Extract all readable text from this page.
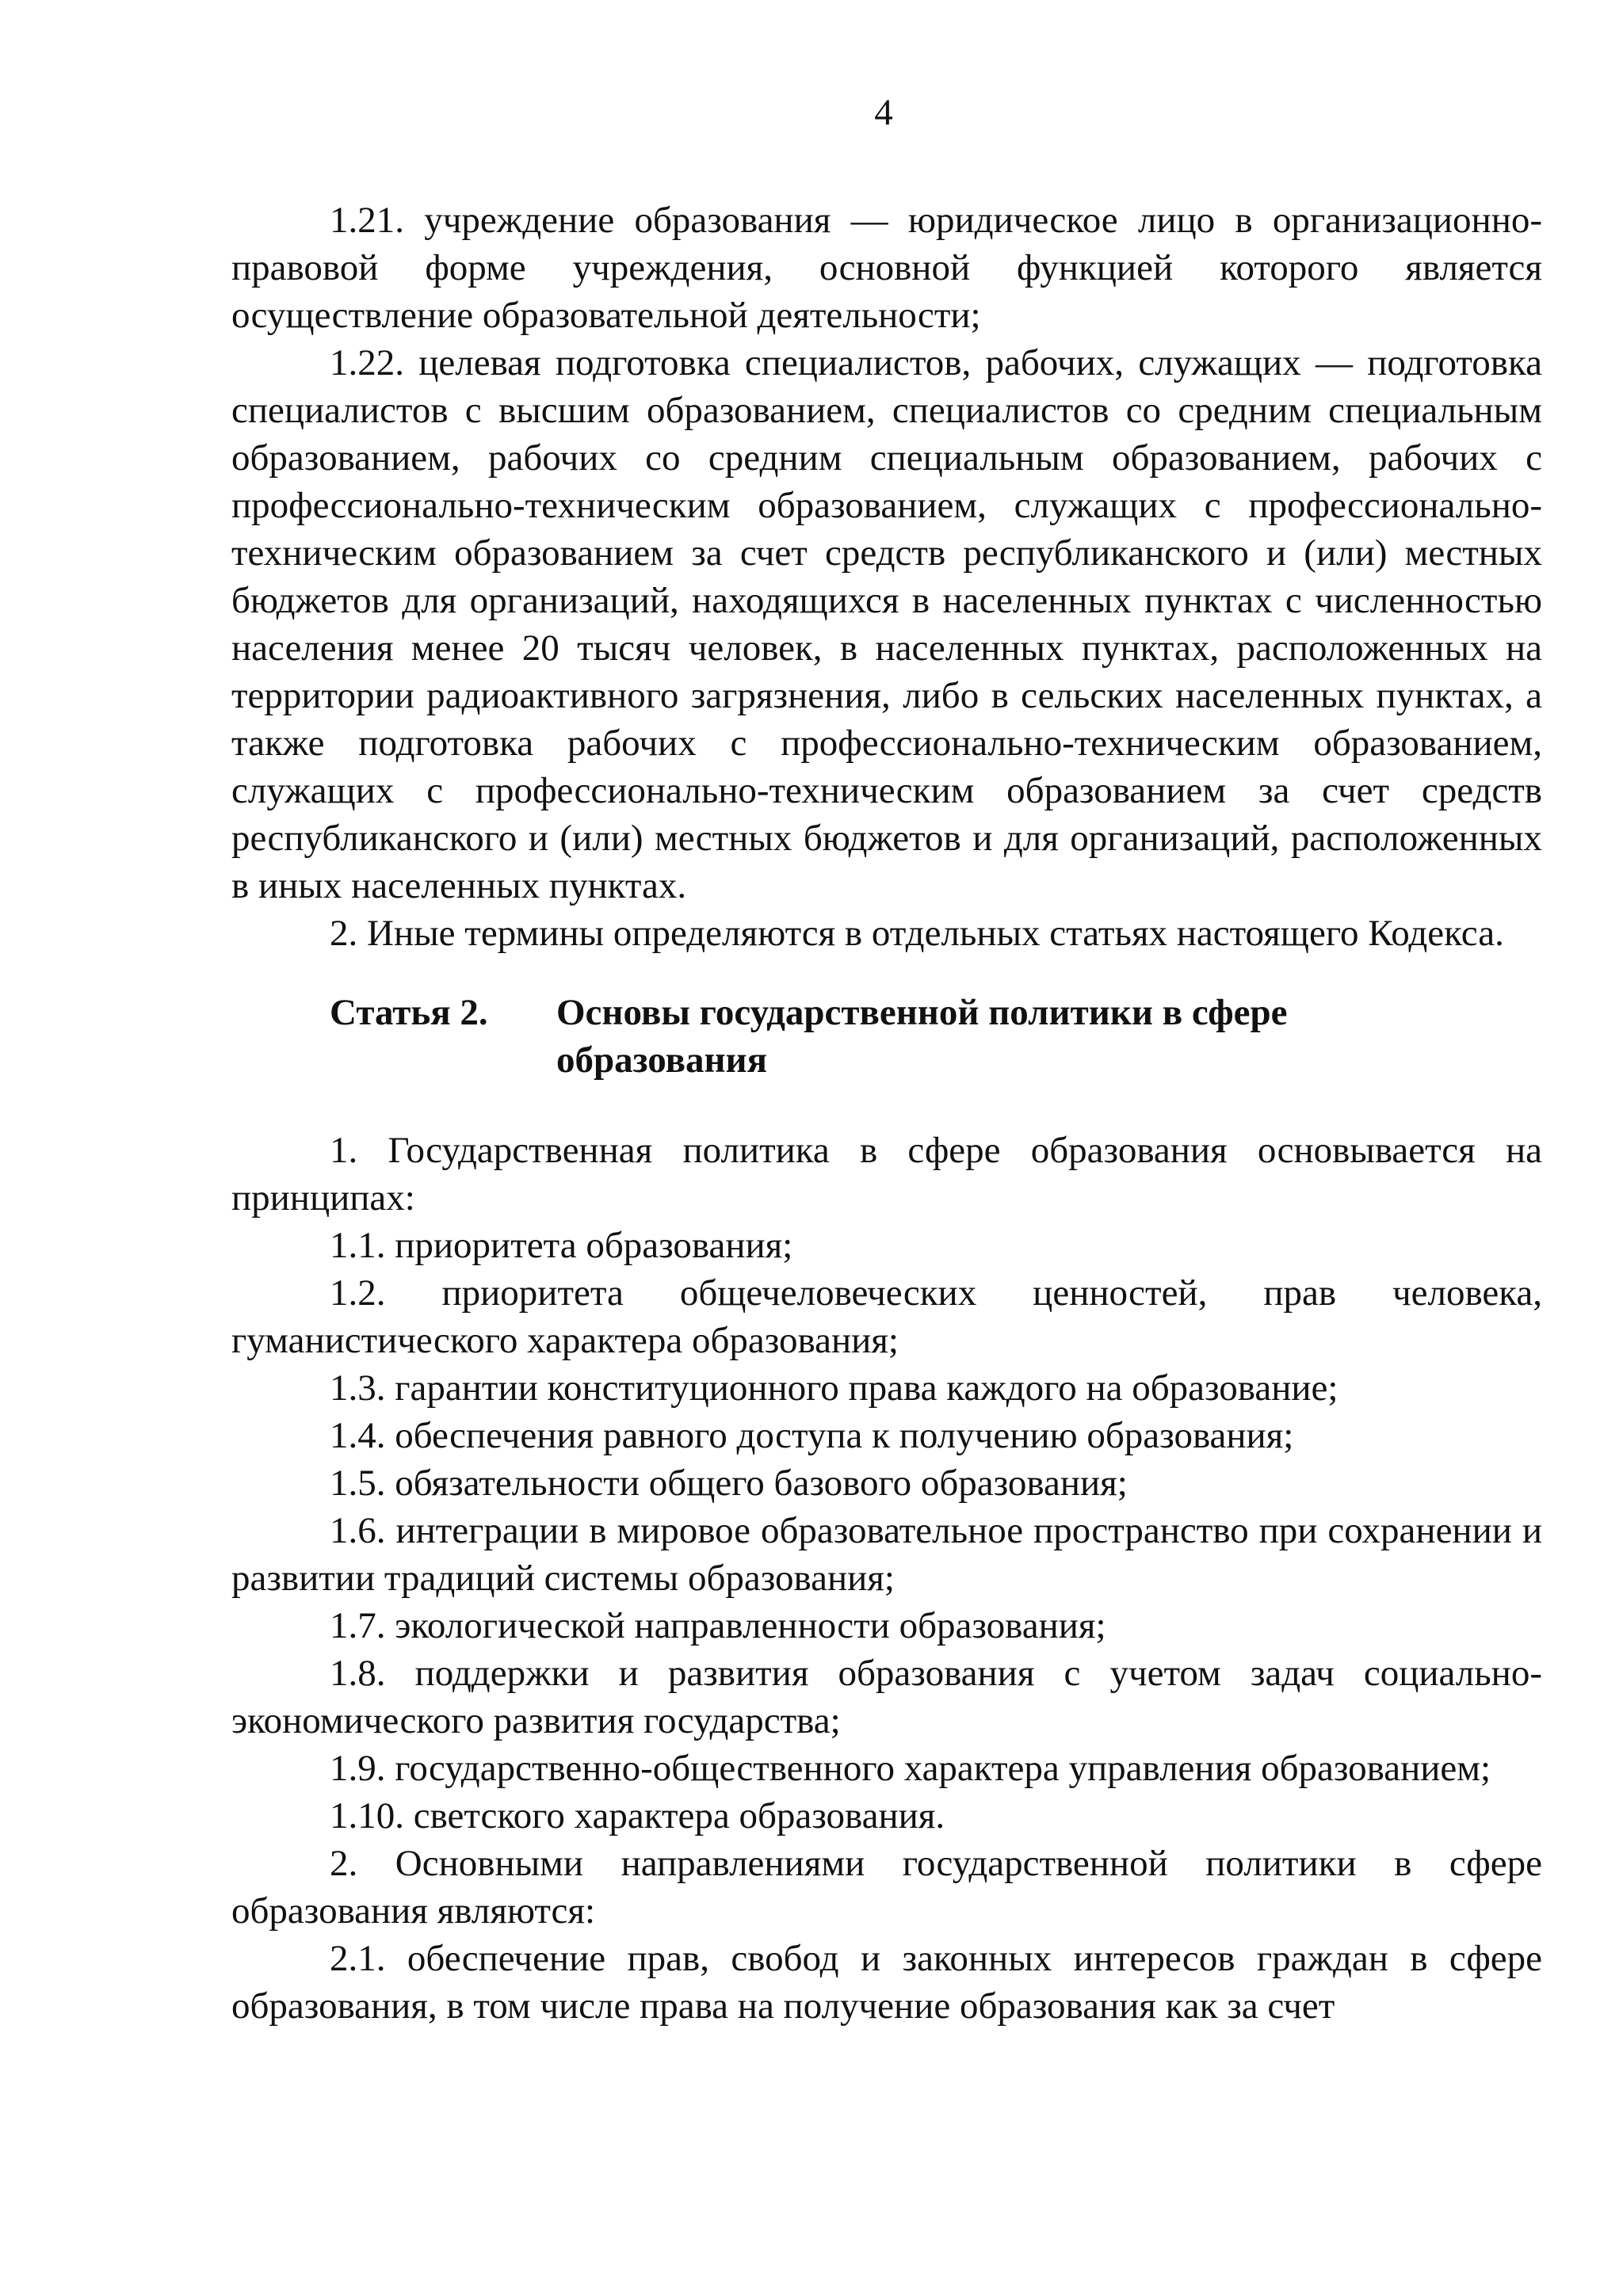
4

1.21. учреждение образования — юридическое лицо в организационно-правовой форме учреждения, основной функцией которого является осуществление образовательной деятельности;

1.22. целевая подготовка специалистов, рабочих, служащих — подготовка специалистов с высшим образованием, специалистов со средним специальным образованием, рабочих со средним специальным образованием, рабочих с профессионально-техническим образованием, служащих с профессионально-техническим образованием за счет средств республиканского и (или) местных бюджетов для организаций, находящихся в населенных пунктах с численностью населения менее 20 тысяч человек, в населенных пунктах, расположенных на территории радиоактивного загрязнения, либо в сельских населенных пунктах, а также подготовка рабочих с профессионально-техническим образованием, служащих с профессионально-техническим образованием за счет средств республиканского и (или) местных бюджетов и для организаций, расположенных в иных населенных пунктах.

2. Иные термины определяются в отдельных статьях настоящего Кодекса.

Статья 2.	Основы государственной политики в сфере образования

1. Государственная политика в сфере образования основывается на принципах:

1.1. приоритета образования;

1.2. приоритета общечеловеческих ценностей, прав человека, гуманистического характера образования;

1.3. гарантии конституционного права каждого на образование;

1.4. обеспечения равного доступа к получению образования;

1.5. обязательности общего базового образования;

1.6. интеграции в мировое образовательное пространство при сохранении и развитии традиций системы образования;

1.7. экологической направленности образования;

1.8. поддержки и развития образования с учетом задач социально-экономического развития государства;

1.9. государственно-общественного характера управления образованием;

1.10. светского характера образования.

2. Основными направлениями государственной политики в сфере образования являются:

2.1. обеспечение прав, свобод и законных интересов граждан в сфере образования, в том числе права на получение образования как за счет
